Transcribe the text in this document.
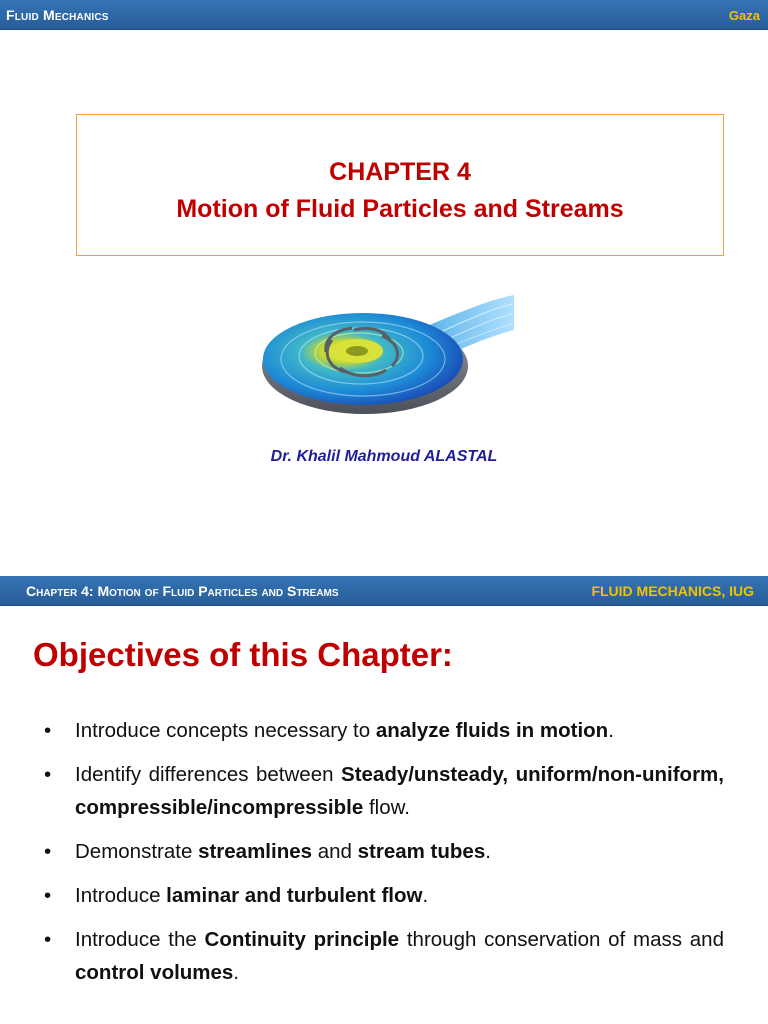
Fluid Mechanics	Gaza
CHAPTER 4
Motion of Fluid Particles and Streams
Dr. Khalil Mahmoud ALASTAL
Chapter 4: Motion of Fluid Particles and Streams	FLUID MECHANICS, IUG
Objectives of this Chapter:
• Introduce concepts necessary to analyze fluids in motion.
• Identify differences between Steady/unsteady, uniform/non-uniform, compressible/incompressible flow.
• Demonstrate streamlines and stream tubes.
• Introduce laminar and turbulent flow.
• Introduce the Continuity principle through conservation of mass and control volumes.
